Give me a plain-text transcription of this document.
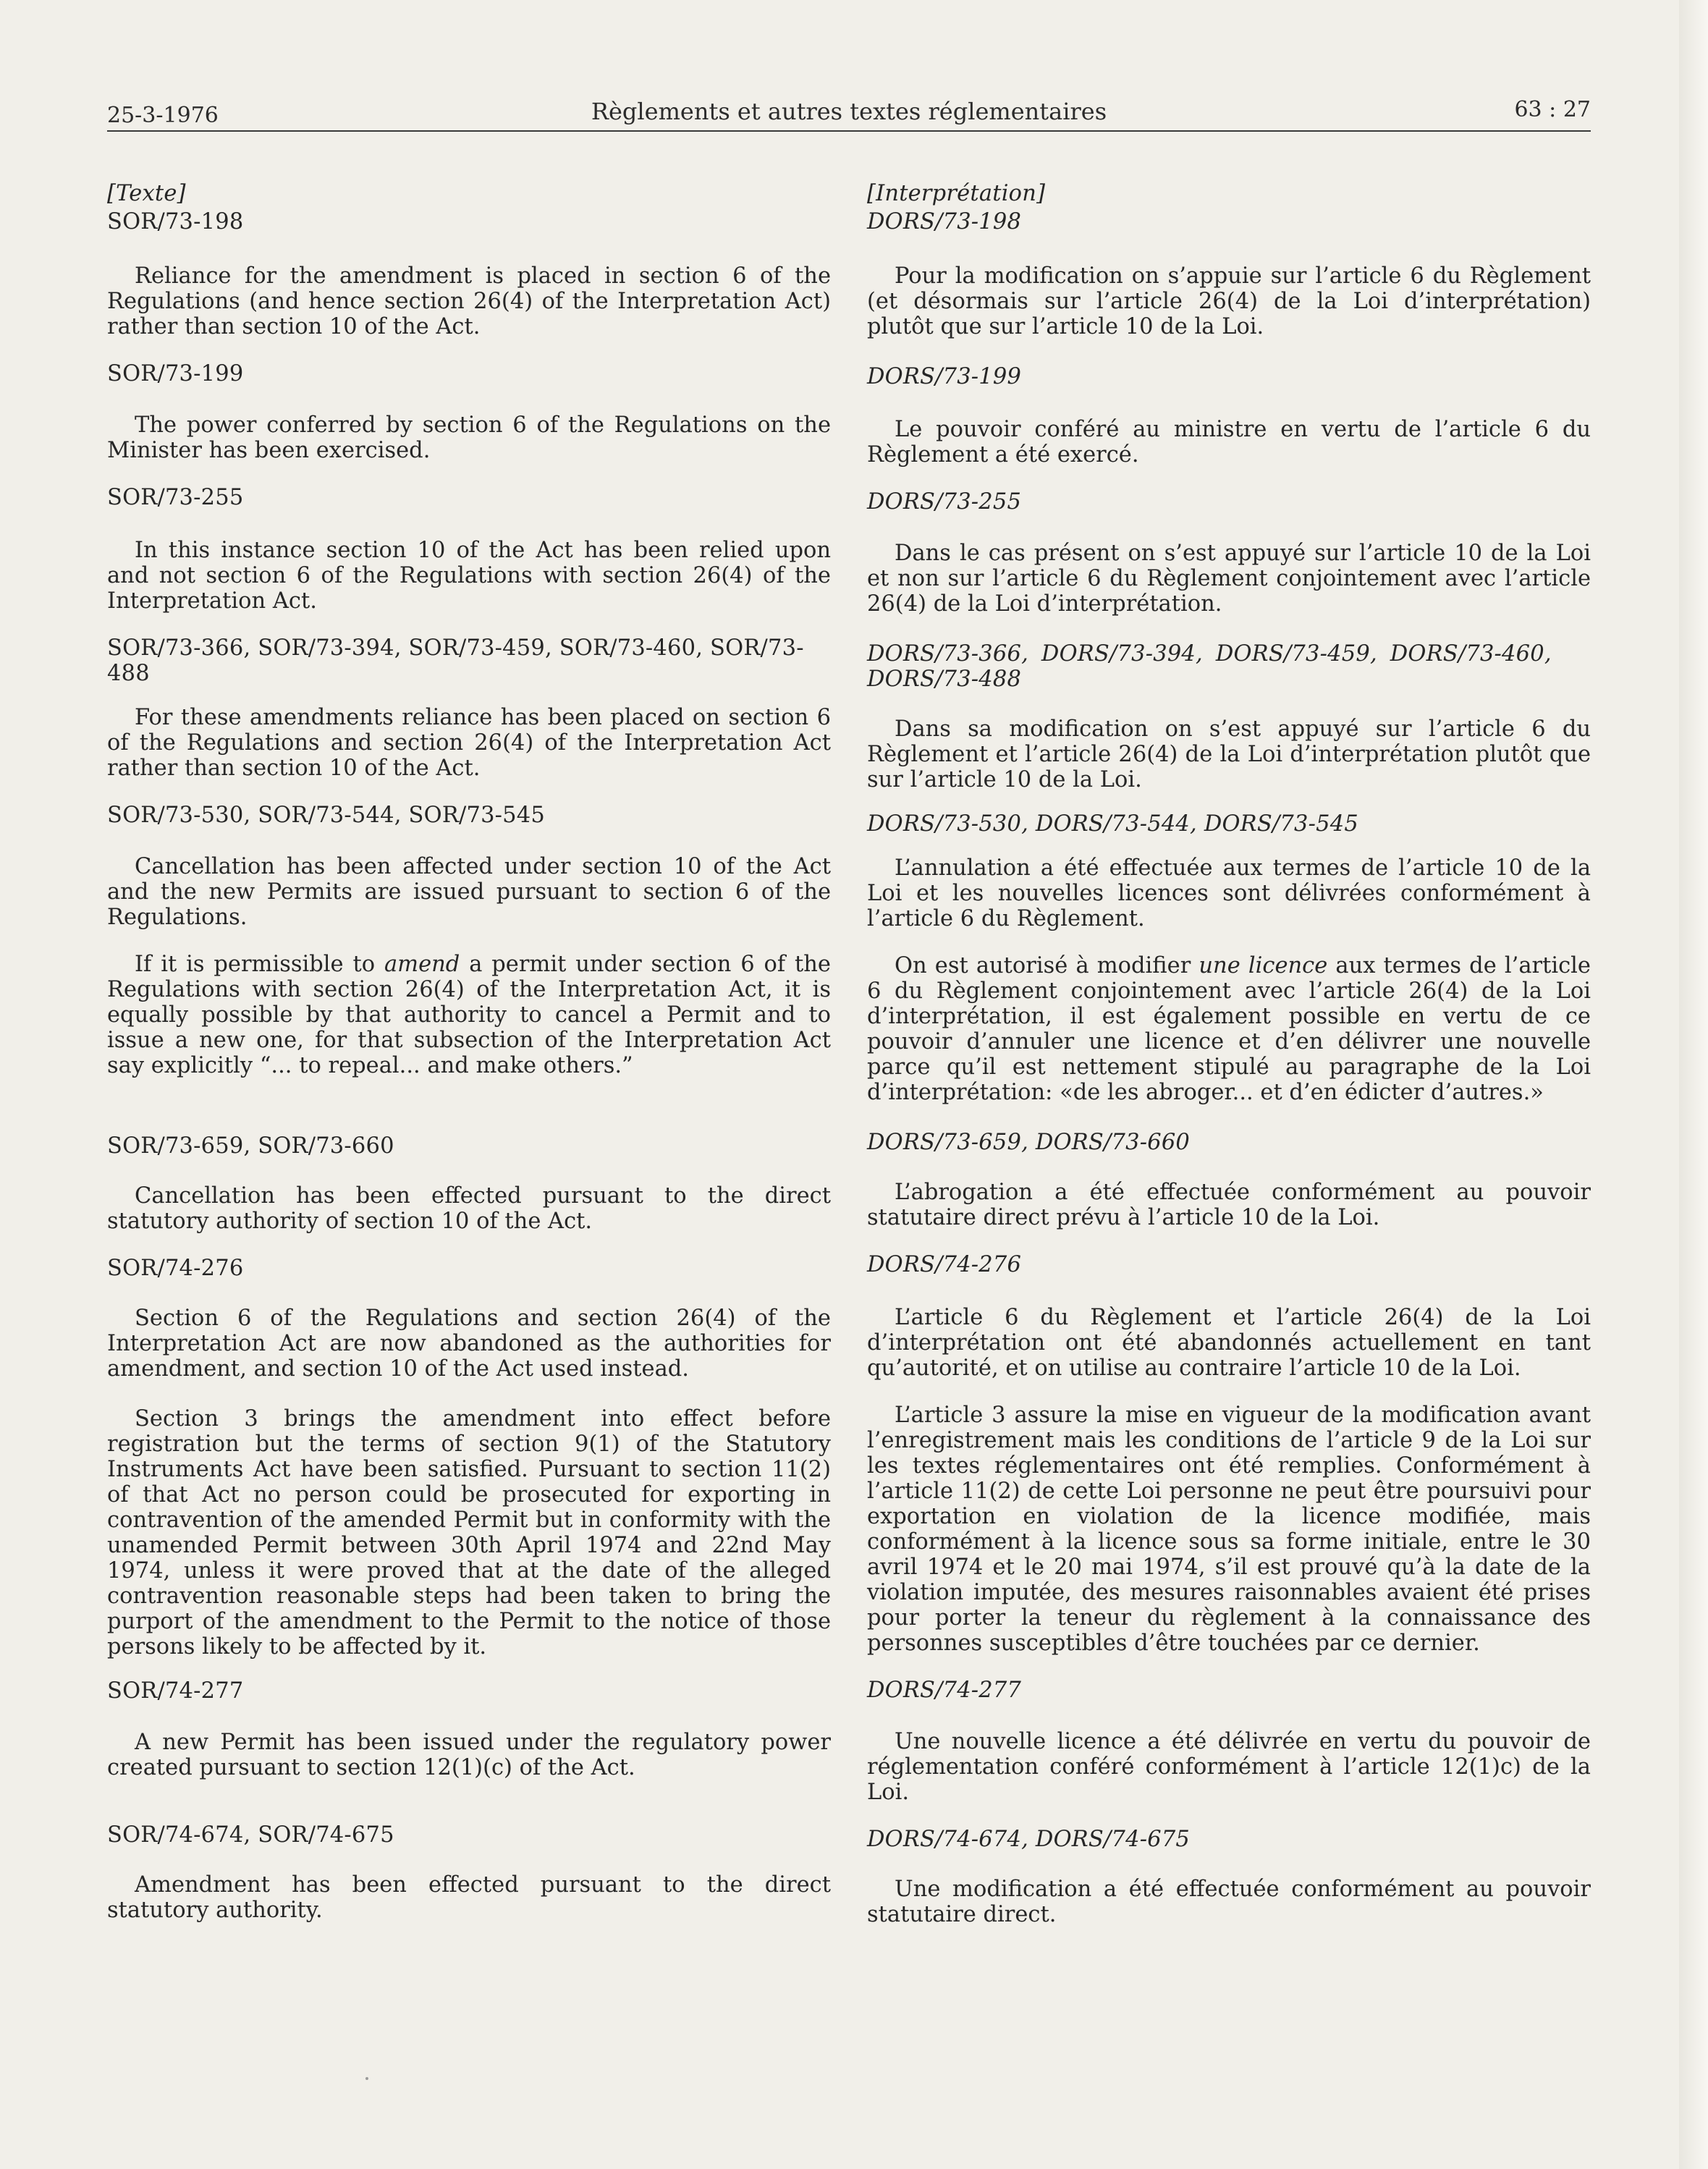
25-3-1976	Règlements et autres textes réglementaires	63 : 27
[Texte]
SOR/73-198

Reliance for the amendment is placed in section 6 of the Regulations (and hence section 26(4) of the Interpretation Act) rather than section 10 of the Act.

SOR/73-199

The power conferred by section 6 of the Regulations on the Minister has been exercised.

SOR/73-255

In this instance section 10 of the Act has been relied upon and not section 6 of the Regulations with section 26(4) of the Interpretation Act.

SOR/73-366, SOR/73-394, SOR/73-459, SOR/73-460, SOR/73-488

For these amendments reliance has been placed on section 6 of the Regulations and section 26(4) of the Interpretation Act rather than section 10 of the Act.

SOR/73-530, SOR/73-544, SOR/73-545

Cancellation has been affected under section 10 of the Act and the new Permits are issued pursuant to section 6 of the Regulations.

If it is permissible to amend a permit under section 6 of the Regulations with section 26(4) of the Interpretation Act, it is equally possible by that authority to cancel a Permit and to issue a new one, for that subsection of the Interpretation Act say explicitly “... to repeal... and make others.”

SOR/73-659, SOR/73-660

Cancellation has been effected pursuant to the direct statutory authority of section 10 of the Act.

SOR/74-276

Section 6 of the Regulations and section 26(4) of the Interpretation Act are now abandoned as the authorities for amendment, and section 10 of the Act used instead.

Section 3 brings the amendment into effect before registration but the terms of section 9(1) of the Statutory Instruments Act have been satisfied. Pursuant to section 11(2) of that Act no person could be prosecuted for exporting in contravention of the amended Permit but in conformity with the unamended Permit between 30th April 1974 and 22nd May 1974, unless it were proved that at the date of the alleged contravention reasonable steps had been taken to bring the purport of the amendment to the Permit to the notice of those persons likely to be affected by it.

SOR/74-277

A new Permit has been issued under the regulatory power created pursuant to section 12(1)(c) of the Act.

SOR/74-674, SOR/74-675

Amendment has been effected pursuant to the direct statutory authority.

[Interprétation]
DORS/73-198

Pour la modification on s’appuie sur l’article 6 du Règlement (et désormais sur l’article 26(4) de la Loi d’interprétation) plutôt que sur l’article 10 de la Loi.

DORS/73-199

Le pouvoir conféré au ministre en vertu de l’article 6 du Règlement a été exercé.

DORS/73-255

Dans le cas présent on s’est appuyé sur l’article 10 de la Loi et non sur l’article 6 du Règlement conjointement avec l’article 26(4) de la Loi d’interprétation.

DORS/73-366, DORS/73-394, DORS/73-459, DORS/73-460, DORS/73-488

Dans sa modification on s’est appuyé sur l’article 6 du Règlement et l’article 26(4) de la Loi d’interprétation plutôt que sur l’article 10 de la Loi.

DORS/73-530, DORS/73-544, DORS/73-545

L’annulation a été effectuée aux termes de l’article 10 de la Loi et les nouvelles licences sont délivrées conformément à l’article 6 du Règlement.

On est autorisé à modifier une licence aux termes de l’article 6 du Règlement conjointement avec l’article 26(4) de la Loi d’interprétation, il est également possible en vertu de ce pouvoir d’annuler une licence et d’en délivrer une nouvelle parce qu’il est nettement stipulé au paragraphe de la Loi d’interprétation: «de les abroger... et d’en édicter d’autres.»

DORS/73-659, DORS/73-660

L’abrogation a été effectuée conformément au pouvoir statutaire direct prévu à l’article 10 de la Loi.

DORS/74-276

L’article 6 du Règlement et l’article 26(4) de la Loi d’interprétation ont été abandonnés actuellement en tant qu’autorité, et on utilise au contraire l’article 10 de la Loi.

L’article 3 assure la mise en vigueur de la modification avant l’enregistrement mais les conditions de l’article 9 de la Loi sur les textes réglementaires ont été remplies. Conformément à l’article 11(2) de cette Loi personne ne peut être poursuivi pour exportation en violation de la licence modifiée, mais conformément à la licence sous sa forme initiale, entre le 30 avril 1974 et le 20 mai 1974, s’il est prouvé qu’à la date de la violation imputée, des mesures raisonnables avaient été prises pour porter la teneur du règlement à la connaissance des personnes susceptibles d’être touchées par ce dernier.

DORS/74-277

Une nouvelle licence a été délivrée en vertu du pouvoir de réglementation conféré conformément à l’article 12(1)c) de la Loi.

DORS/74-674, DORS/74-675

Une modification a été effectuée conformément au pouvoir statutaire direct.
